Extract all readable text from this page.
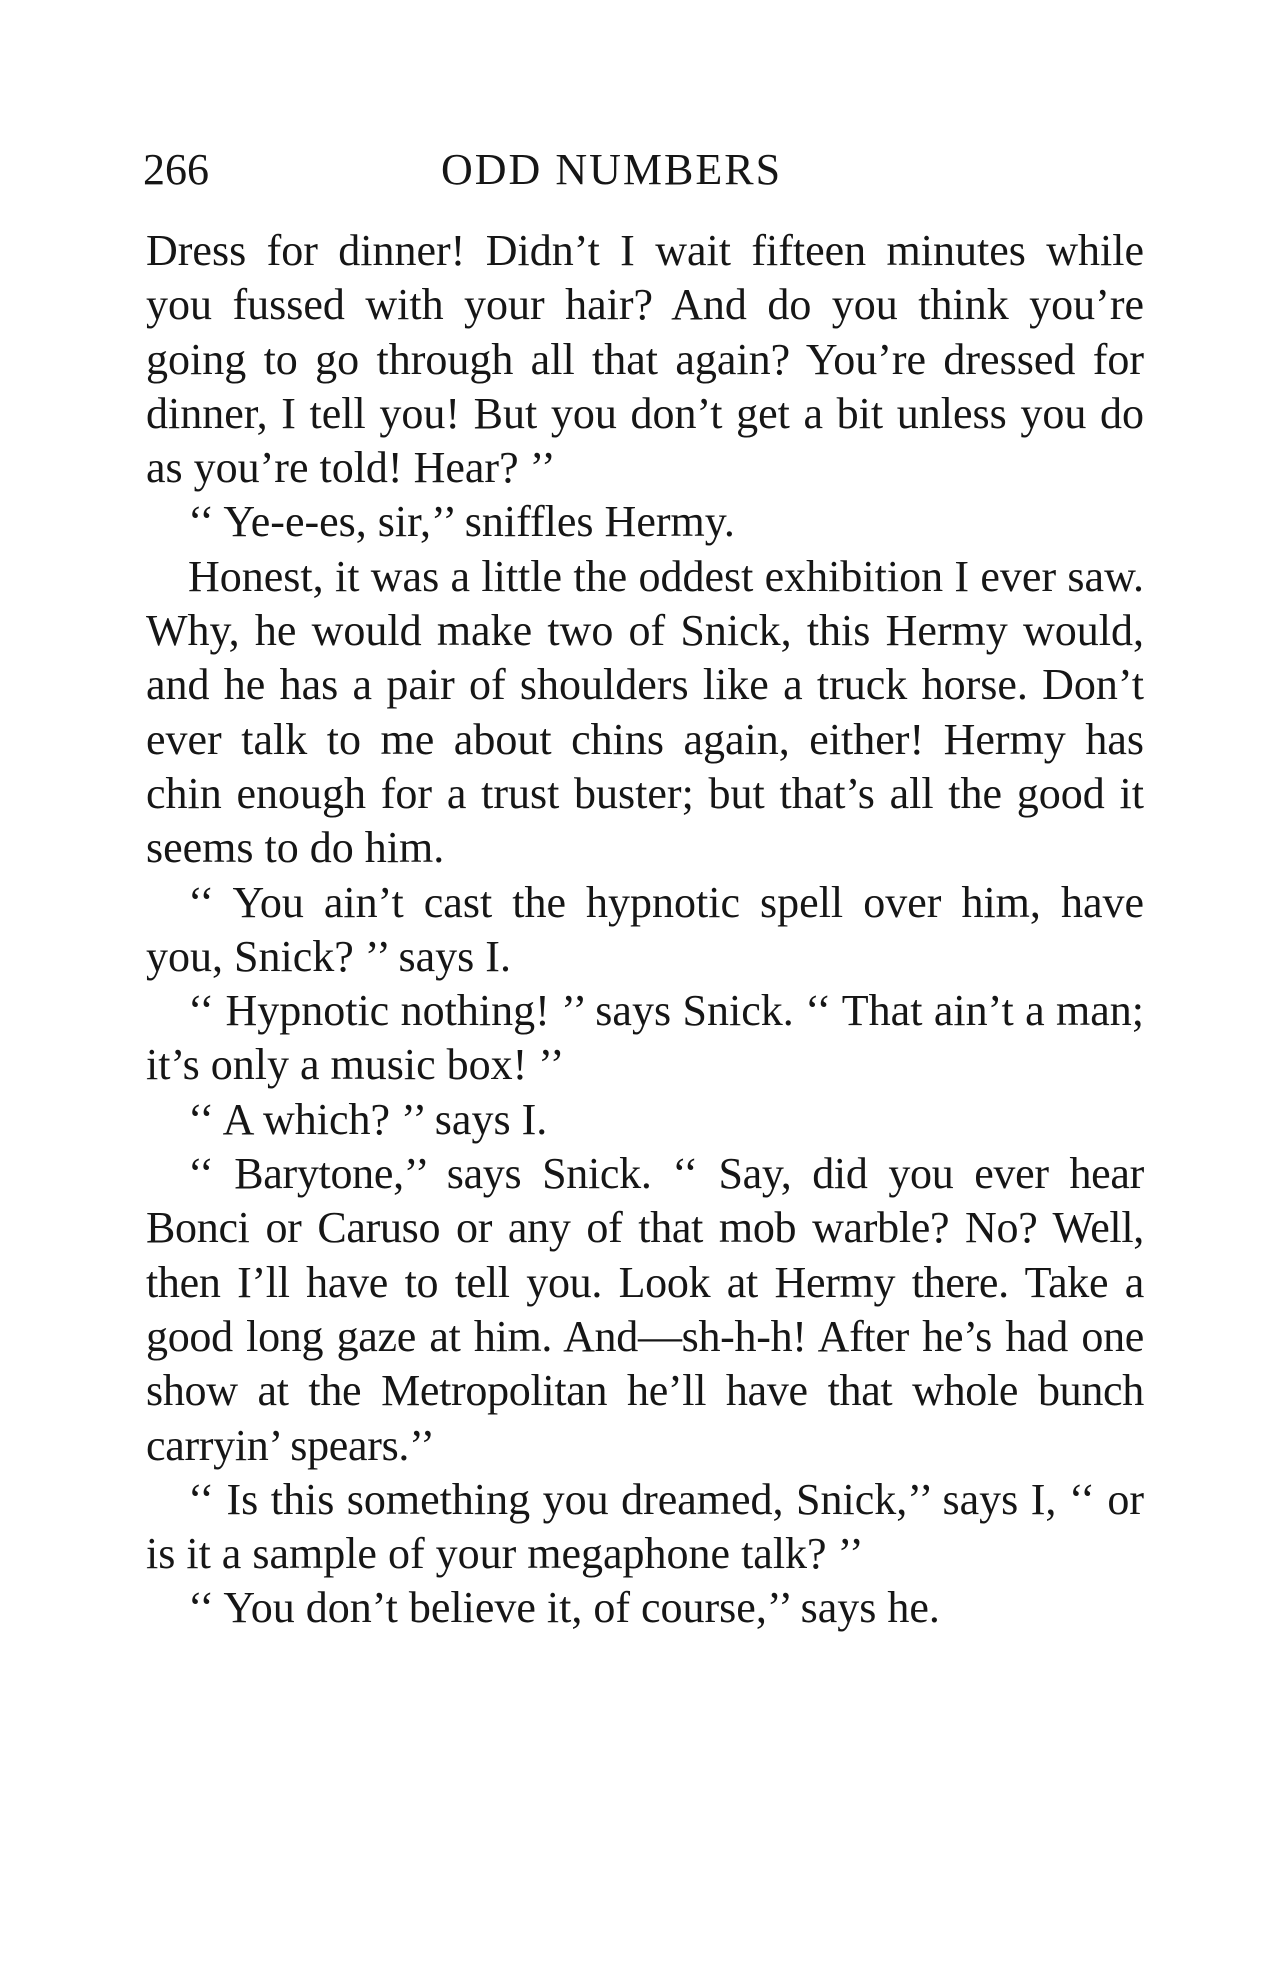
266	ODD NUMBERS

Dress for dinner! Didn’t I wait fifteen minutes while you fussed with your hair? And do you think you’re going to go through all that again? You’re dressed for dinner, I tell you! But you don’t get a bit unless you do as you’re told! Hear? ’’

‘‘ Ye-e-es, sir,’’ sniffles Hermy.

Honest, it was a little the oddest exhibition I ever saw. Why, he would make two of Snick, this Hermy would, and he has a pair of shoulders like a truck horse. Don’t ever talk to me about chins again, either! Hermy has chin enough for a trust buster; but that’s all the good it seems to do him.

‘‘ You ain’t cast the hypnotic spell over him, have you, Snick? ’’ says I.

‘‘ Hypnotic nothing! ’’ says Snick. ‘‘ That ain’t a man; it’s only a music box! ’’

‘‘ A which? ’’ says I.

‘‘ Barytone,’’ says Snick. ‘‘ Say, did you ever hear Bonci or Caruso or any of that mob warble? No? Well, then I’ll have to tell you. Look at Hermy there. Take a good long gaze at him. And—sh-h-h! After he’s had one show at the Metropolitan he’ll have that whole bunch carryin’ spears.’’

‘‘ Is this something you dreamed, Snick,’’ says I, ‘‘ or is it a sample of your megaphone talk? ’’

‘‘ You don’t believe it, of course,’’ says he.
